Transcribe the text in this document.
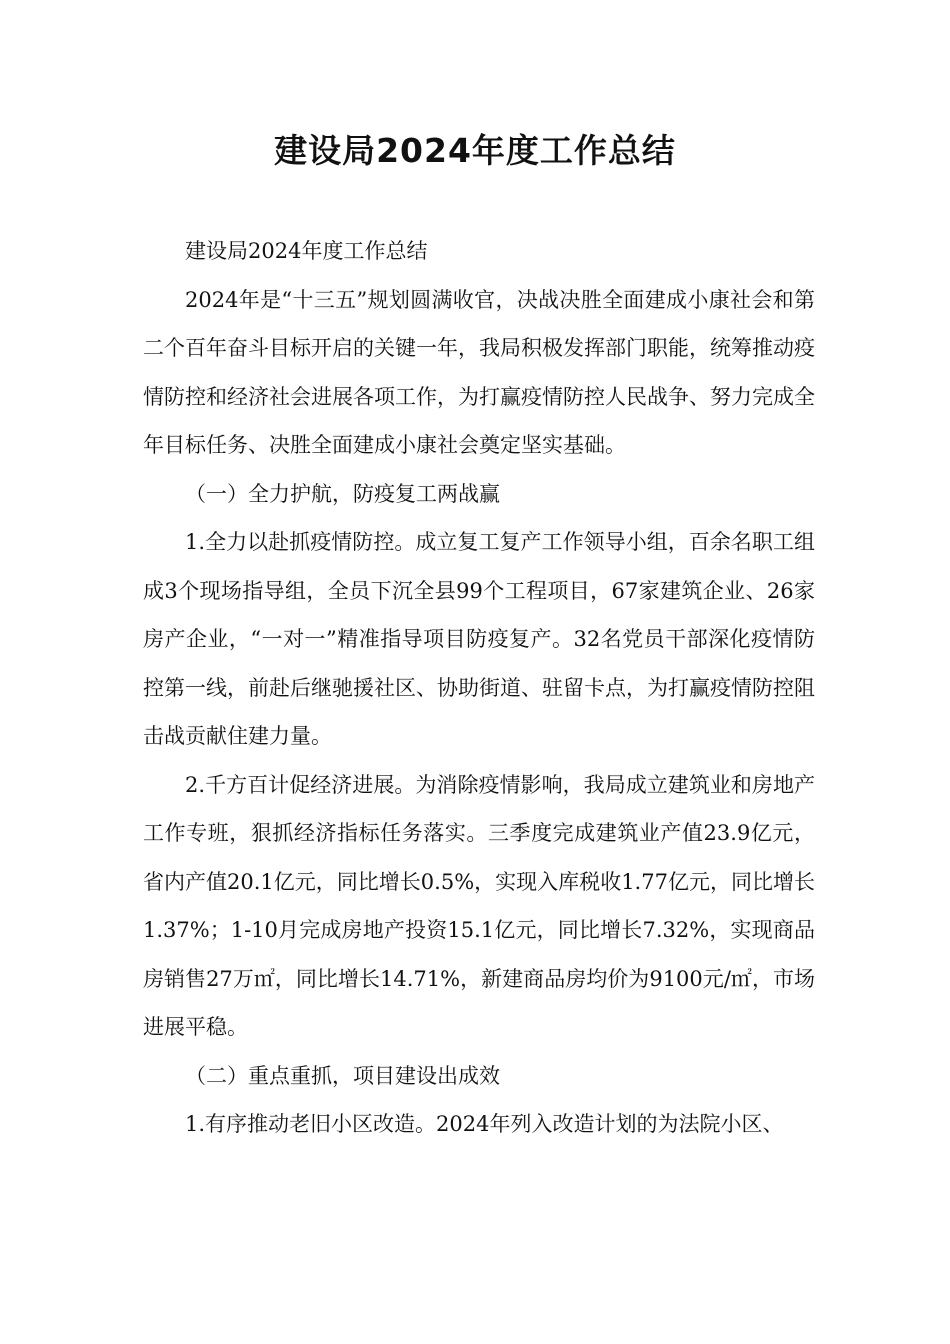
建设局2024年度工作总结

建设局2024年度工作总结

2024年是“十三五”规划圆满收官，决战决胜全面建成小康社会和第二个百年奋斗目标开启的关键一年，我局积极发挥部门职能，统筹推动疫情防控和经济社会进展各项工作，为打赢疫情防控人民战争、努力完成全年目标任务、决胜全面建成小康社会奠定坚实基础。

（一）全力护航，防疫复工两战赢

1.全力以赴抓疫情防控。成立复工复产工作领导小组，百余名职工组成3个现场指导组，全员下沉全县99个工程项目，67家建筑企业、26家房产企业，“一对一”精准指导项目防疫复产。32名党员干部深化疫情防控第一线，前赴后继驰援社区、协助街道、驻留卡点，为打赢疫情防控阻击战贡献住建力量。

2.千方百计促经济进展。为消除疫情影响，我局成立建筑业和房地产工作专班，狠抓经济指标任务落实。三季度完成建筑业产值23.9亿元，省内产值20.1亿元，同比增长0.5%，实现入库税收1.77亿元，同比增长1.37%；1-10月完成房地产投资15.1亿元，同比增长7.32%，实现商品房销售27万㎡，同比增长14.71%，新建商品房均价为9100元/㎡，市场进展平稳。

（二）重点重抓，项目建设出成效

1.有序推动老旧小区改造。2024年列入改造计划的为法院小区、
